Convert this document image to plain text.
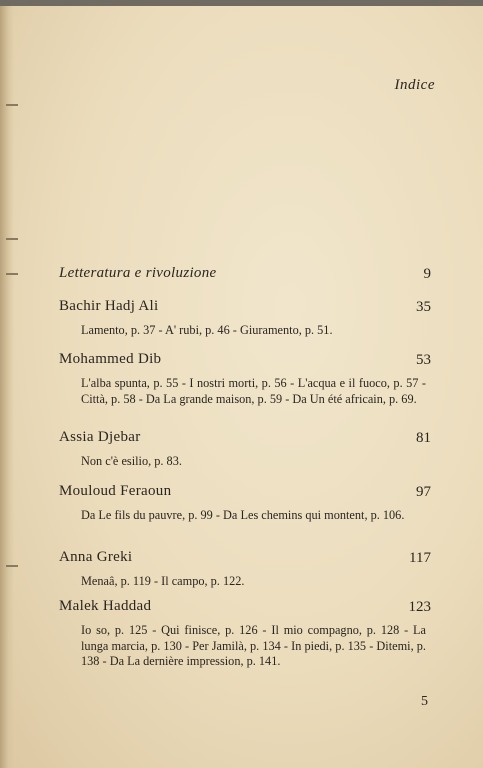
Indice
Letteratura e rivoluzione	9
Bachir Hadj Ali	35
Lamento, p. 37 - A' rubi, p. 46 - Giuramento, p. 51.
Mohammed Dib	53
L'alba spunta, p. 55 - I nostri morti, p. 56 - L'acqua e il fuoco, p. 57 - Città, p. 58 - Da La grande maison, p. 59 - Da Un été africain, p. 69.
Assia Djebar	81
Non c'è esilio, p. 83.
Mouloud Feraoun	97
Da Le fils du pauvre, p. 99 - Da Les chemins qui montent, p. 106.
Anna Greki	117
Menaâ, p. 119 - Il campo, p. 122.
Malek Haddad	123
Io so, p. 125 - Qui finisce, p. 126 - Il mio compagno, p. 128 - La lunga marcia, p. 130 - Per Jamilà, p. 134 - In piedi, p. 135 - Ditemi, p. 138 - Da La dernière impression, p. 141.
5
